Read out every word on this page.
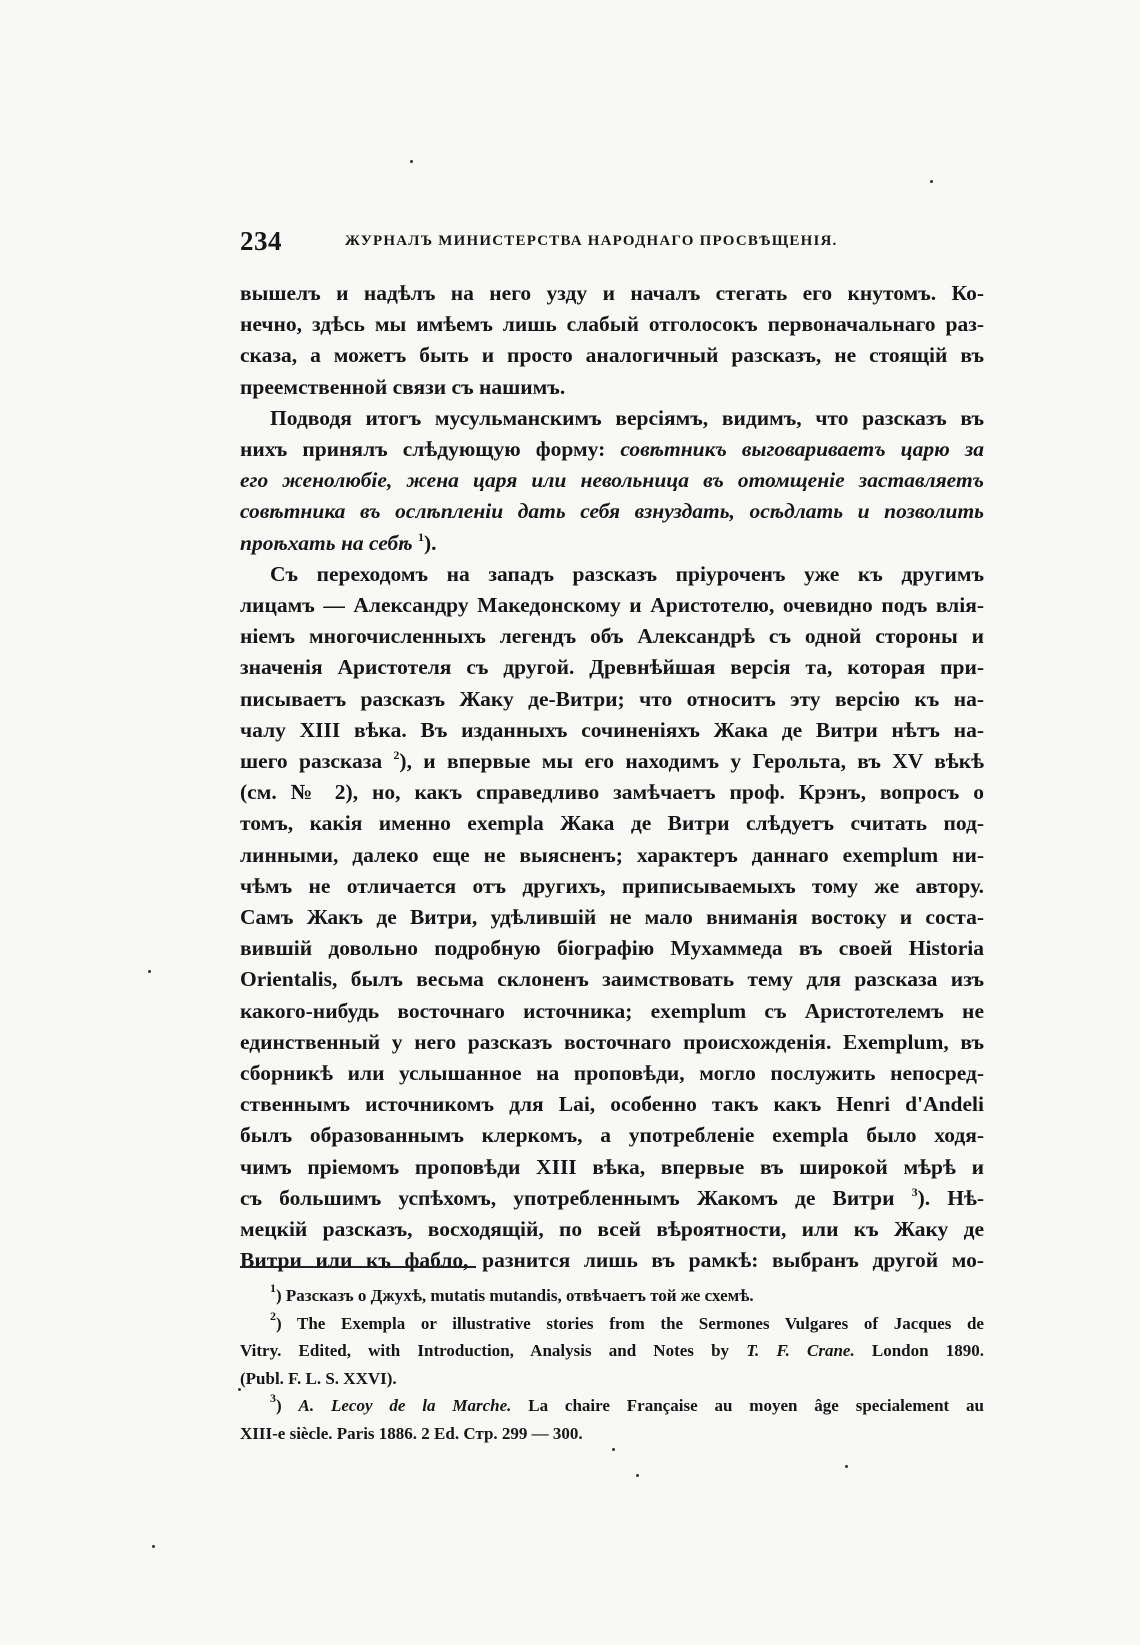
234	ЖУРНАЛЪ МИНИСТЕРСТВА НАРОДНАГО ПРОСВѢЩЕНІЯ.
вышелъ и надѣлъ на него узду и началъ стегать его кнутомъ. Ко-
нечно, здѣсь мы имѣемъ лишь слабый отголосокъ первоначальнаго раз-
сказа, а можетъ быть и просто аналогичный разсказъ, не стоящій въ
преемственной связи съ нашимъ.
Подводя итогъ мусульманскимъ версіямъ, видимъ, что разсказъ въ
нихъ принялъ слѣдующую форму: совѣтникъ выговариваетъ царю за
его женолюбіе, жена царя или невольница въ отомщеніе заставляетъ
совѣтника въ ослѣпленіи дать себя взнуздать, осѣдлать и позволить
проѣхать на себѣ $^1$).
Съ переходомъ на западъ разсказъ пріуроченъ уже къ другимъ
лицамъ — Александру Македонскому и Аристотелю, очевидно подъ влія-
ніемъ многочисленныхъ легендъ объ Александрѣ съ одной стороны и
значенія Аристотеля съ другой. Древнѣйшая версія та, которая при-
писываетъ разсказъ Жаку де-Витри; что относитъ эту версію къ на-
чалу XIII вѣка. Въ изданныхъ сочиненіяхъ Жака де Витри нѣтъ на-
шего разсказа $^2$), и впервые мы его находимъ у Герольта, въ XV вѣкѣ
(см. № 2), но, какъ справедливо замѣчаетъ проф. Крэнъ, вопросъ о
томъ, какія именно exempla Жака де Витри слѣдуетъ считать под-
линными, далеко еще не выясненъ; характеръ даннаго exemplum ни-
чѣмъ не отличается отъ другихъ, приписываемыхъ тому же автору.
Самъ Жакъ де Витри, удѣлившій не мало вниманія востоку и соста-
вившій довольно подробную біографію Мухаммеда въ своей Historia
Orientalis, былъ весьма склоненъ заимствовать тему для разсказа изъ
какого-нибудь восточнаго источника; exemplum съ Аристотелемъ не
единственный у него разсказъ восточнаго происхожденія. Exemplum, въ
сборникѣ или услышанное на проповѣди, могло послужить непосред-
ственнымъ источникомъ для Lai, особенно такъ какъ Henri d'Andeli
былъ образованнымъ клеркомъ, а употребленіе exempla было ходя-
чимъ пріемомъ проповѣди XIII вѣка, впервые въ широкой мѣрѣ и
съ большимъ успѣхомъ, употребленнымъ Жакомъ де Витри $^3$). Нѣ-
мецкій разсказъ, восходящій, по всей вѣроятности, или къ Жаку де
Витри или къ фаблo, разнится лишь въ рамкѣ: выбранъ другой мо-
$^1$) Разсказъ о Джухѣ, mutatis mutandis, отвѣчаетъ той же схемѣ.
$^2$) The Exempla or illustrative stories from the Sermones Vulgares of Jacques de
Vitry. Edited, with Introduction, Analysis and Notes by T. F. Crane. London 1890.
(Publ. F. L. S. XXVI).
$^3$) A. Lecoy de la Marche. La chaire Française au moyen âge specialement au
XIII-e siècle. Paris 1886. 2 Ed. Стр. 299 — 300.
